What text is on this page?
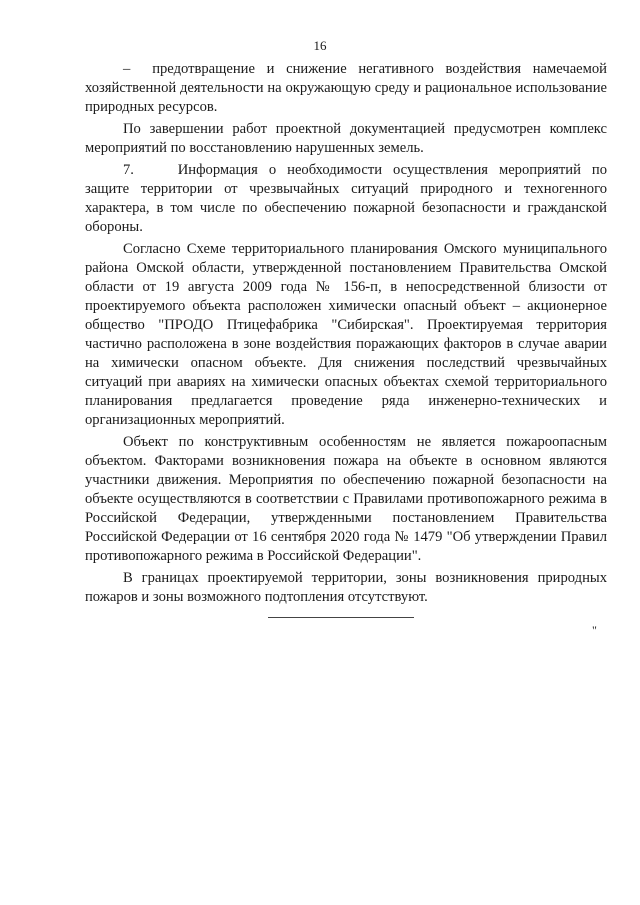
16

–   предотвращение и снижение негативного воздействия намечаемой хозяйственной деятельности на окружающую среду и рациональное использование природных ресурсов.

По завершении работ проектной документацией предусмотрен комплекс мероприятий по восстановлению нарушенных земель.

7.   Информация о необходимости осуществления мероприятий по защите территории от чрезвычайных ситуаций природного и техногенного характера, в том числе по обеспечению пожарной безопасности и гражданской обороны.

Согласно Схеме территориального планирования Омского муниципального района Омской области, утвержденной постановлением Правительства Омской области от 19 августа 2009 года № 156-п, в непосредственной близости от проектируемого объекта расположен химически опасный объект – акционерное общество "ПРОДО Птицефабрика "Сибирская". Проектируемая территория частично расположена в зоне воздействия поражающих факторов в случае аварии на химически опасном объекте. Для снижения последствий чрезвычайных ситуаций при авариях на химически опасных объектах схемой территориального планирования предлагается проведение ряда инженерно-технических и организационных мероприятий.

Объект по конструктивным особенностям не является пожароопасным объектом. Факторами возникновения пожара на объекте в основном являются участники движения. Мероприятия по обеспечению пожарной безопасности на объекте осуществляются в соответствии с Правилами противопожарного режима в Российской Федерации, утвержденными постановлением Правительства Российской Федерации от 16 сентября 2020 года № 1479 "Об утверждении Правил противопожарного режима в Российской Федерации".

В границах проектируемой территории, зоны возникновения природных пожаров и зоны возможного подтопления отсутствуют.

"
